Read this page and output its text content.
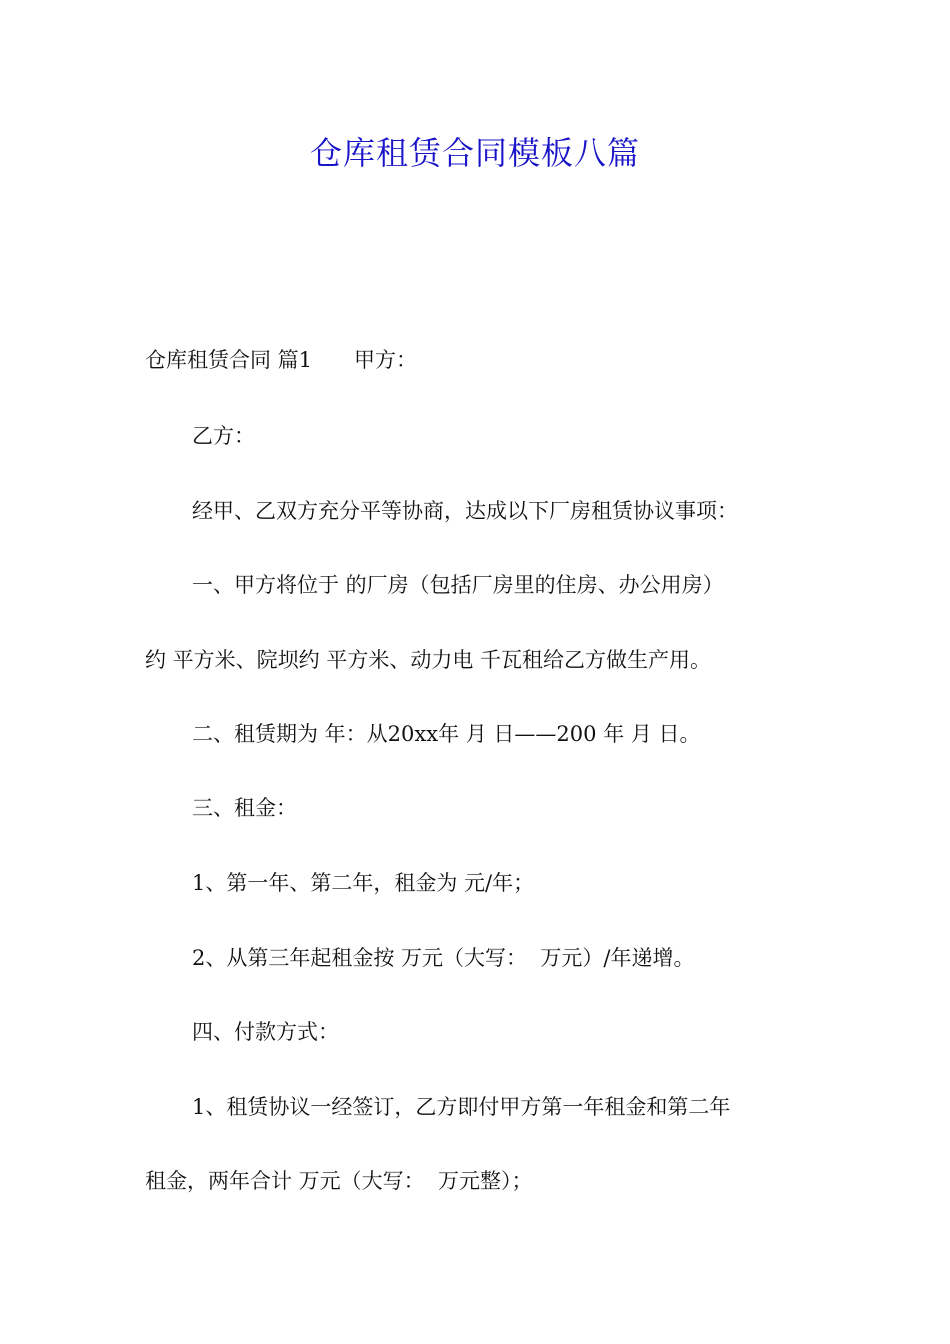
仓库租赁合同模板八篇
仓库租赁合同 篇1　　甲方：
乙方：
经甲、乙双方充分平等协商，达成以下厂房租赁协议事项：
一、甲方将位于 的厂房（包括厂房里的住房、办公用房）
约 平方米、院坝约 平方米、动力电 千瓦租给乙方做生产用。
二、租赁期为 年：从20xx年 月 日——200 年 月 日。
三、租金：
1、第一年、第二年，租金为 元/年；
2、从第三年起租金按 万元（大写：  万元）/年递增。
四、付款方式：
1、租赁协议一经签订，乙方即付甲方第一年租金和第二年
租金，两年合计 万元（大写：  万元整）；
